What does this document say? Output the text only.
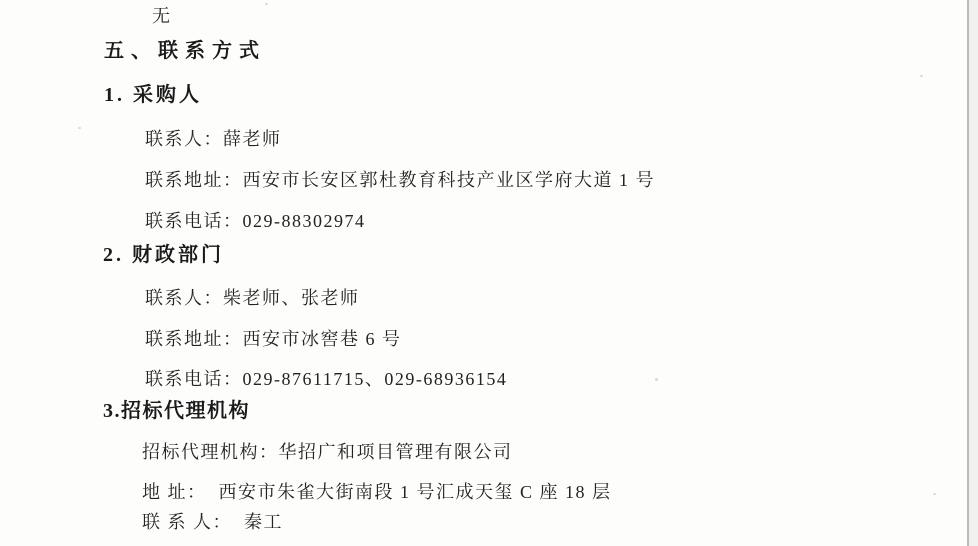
无
五、联系方式
1. 采购人
联系人：薛老师
联系地址：西安市长安区郭杜教育科技产业区学府大道 1 号
联系电话：029-88302974
2. 财政部门
联系人：柴老师、张老师
联系地址：西安市冰窖巷 6 号
联系电话：029-87611715、029-68936154
3.招标代理机构
招标代理机构：华招广和项目管理有限公司
地 址：  西安市朱雀大街南段 1 号汇成天玺 C 座 18 层
联 系 人：  秦工
